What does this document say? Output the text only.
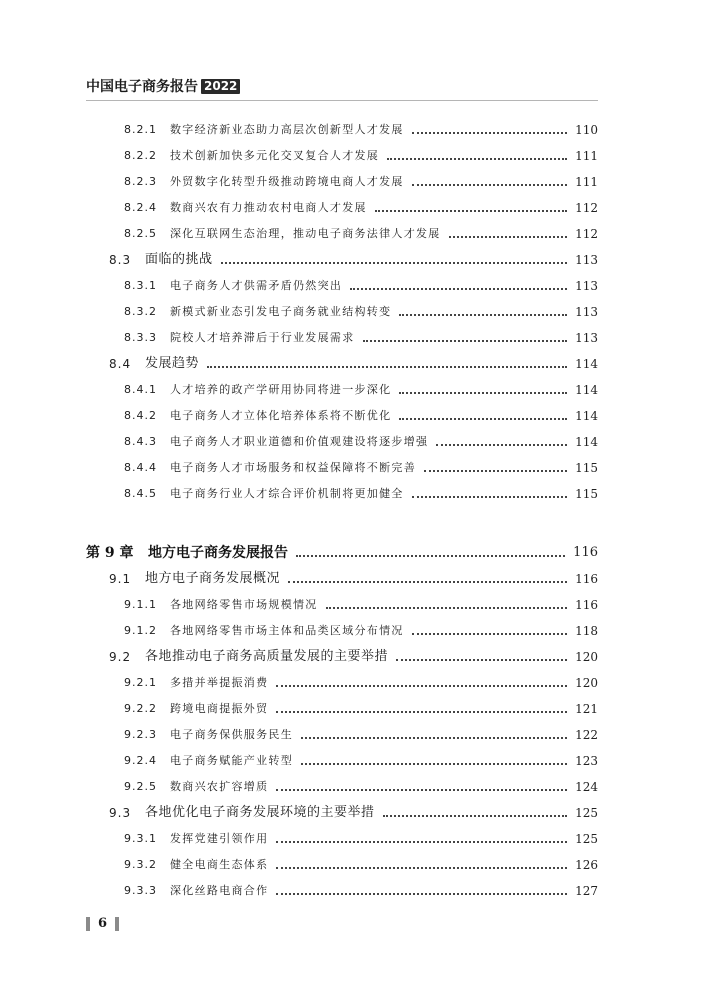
中国电子商务报告 2022
8.2.1 数字经济新业态助力高层次创新型人才发展	110
8.2.2 技术创新加快多元化交叉复合人才发展	111
8.2.3 外贸数字化转型升级推动跨境电商人才发展	111
8.2.4 数商兴农有力推动农村电商人才发展	112
8.2.5 深化互联网生态治理，推动电子商务法律人才发展	112
8.3 面临的挑战	113
8.3.1 电子商务人才供需矛盾仍然突出	113
8.3.2 新模式新业态引发电子商务就业结构转变	113
8.3.3 院校人才培养滞后于行业发展需求	113
8.4 发展趋势	114
8.4.1 人才培养的政产学研用协同将进一步深化	114
8.4.2 电子商务人才立体化培养体系将不断优化	114
8.4.3 电子商务人才职业道德和价值观建设将逐步增强	114
8.4.4 电子商务人才市场服务和权益保障将不断完善	115
8.4.5 电子商务行业人才综合评价机制将更加健全	115
第 9 章 地方电子商务发展报告	116
9.1 地方电子商务发展概况	116
9.1.1 各地网络零售市场规模情况	116
9.1.2 各地网络零售市场主体和品类区域分布情况	118
9.2 各地推动电子商务高质量发展的主要举措	120
9.2.1 多措并举提振消费	120
9.2.2 跨境电商提振外贸	121
9.2.3 电子商务保供服务民生	122
9.2.4 电子商务赋能产业转型	123
9.2.5 数商兴农扩容增质	124
9.3 各地优化电子商务发展环境的主要举措	125
9.3.1 发挥党建引领作用	125
9.3.2 健全电商生态体系	126
9.3.3 深化丝路电商合作	127
6
